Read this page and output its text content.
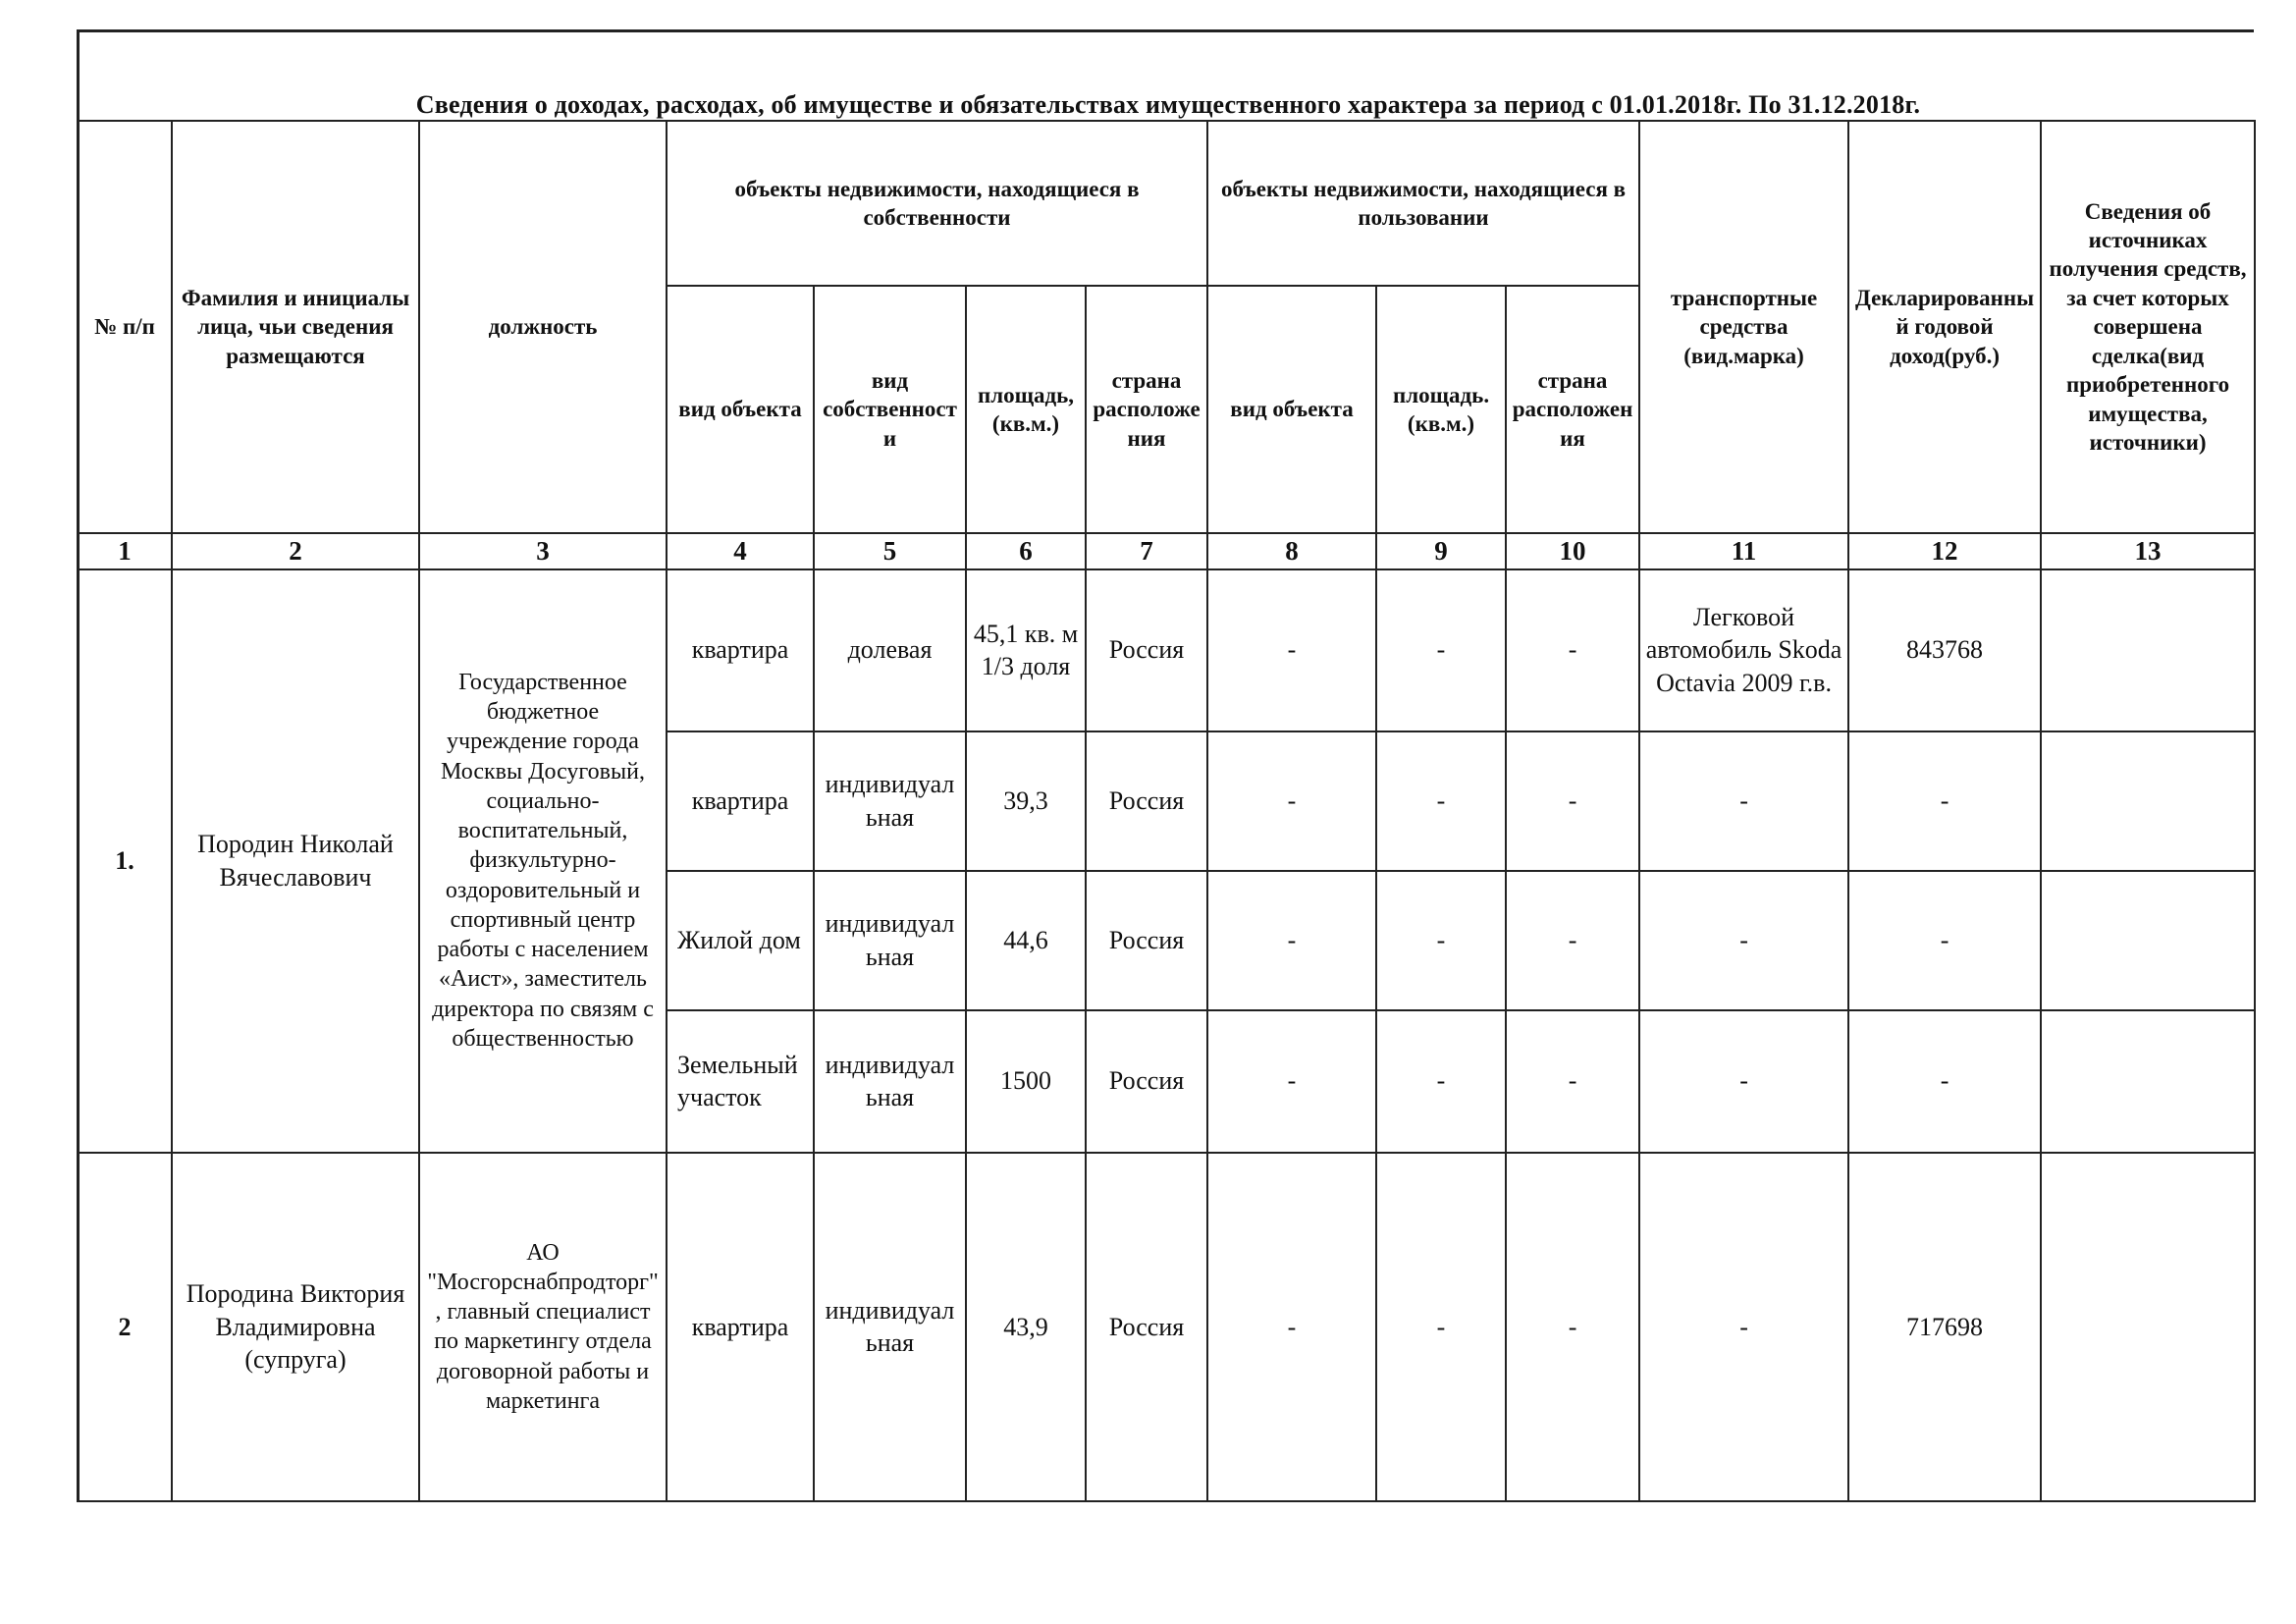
Сведения о доходах, расходах, об имуществе и обязательствах имущественного характера за период с 01.01.2018г. По 31.12.2018г.
№ п/п	Фамилия и инициалы лица, чьи сведения размещаются	должность	объекты недвижимости, находящиеся в собственности				объекты недвижимости, находящиеся в пользовании			транспортные средства (вид.марка)	Декларированный годовой доход(руб.)	Сведения об источниках получения средств, за счет которых совершена сделка(вид приобретенного имущества, источники)
			вид объекта	вид собственности	площадь, (кв.м.)	страна расположения	вид объекта	площадь. (кв.м.)	страна расположения			
1	2	3	4	5	6	7	8	9	10	11	12	13
1.	Породин Николай Вячеславович	Государственное бюджетное учреждение города Москвы Досуговый, социально-воспитательный, физкультурно-оздоровительный и спортивный центр работы с населением «Аист», заместитель директора по связям с общественностью	квартира	долевая	45,1 кв. м 1/3 доля	Россия	-	-	-	Легковой автомобиль Skoda Octavia 2009 г.в.	843768	
			квартира	индивидуальная	39,3	Россия	-	-	-	-	-	
			Жилой дом	индивидуальная	44,6	Россия	-	-	-	-	-	
			Земельный участок	индивидуальная	1500	Россия	-	-	-	-	-	
2	Породина Виктория Владимировна (супруга)	АО "Мосгорснабпродторг", главный специалист по маркетингу отдела договорной работы и маркетинга	квартира	индивидуальная	43,9	Россия	-	-	-	-	717698	
